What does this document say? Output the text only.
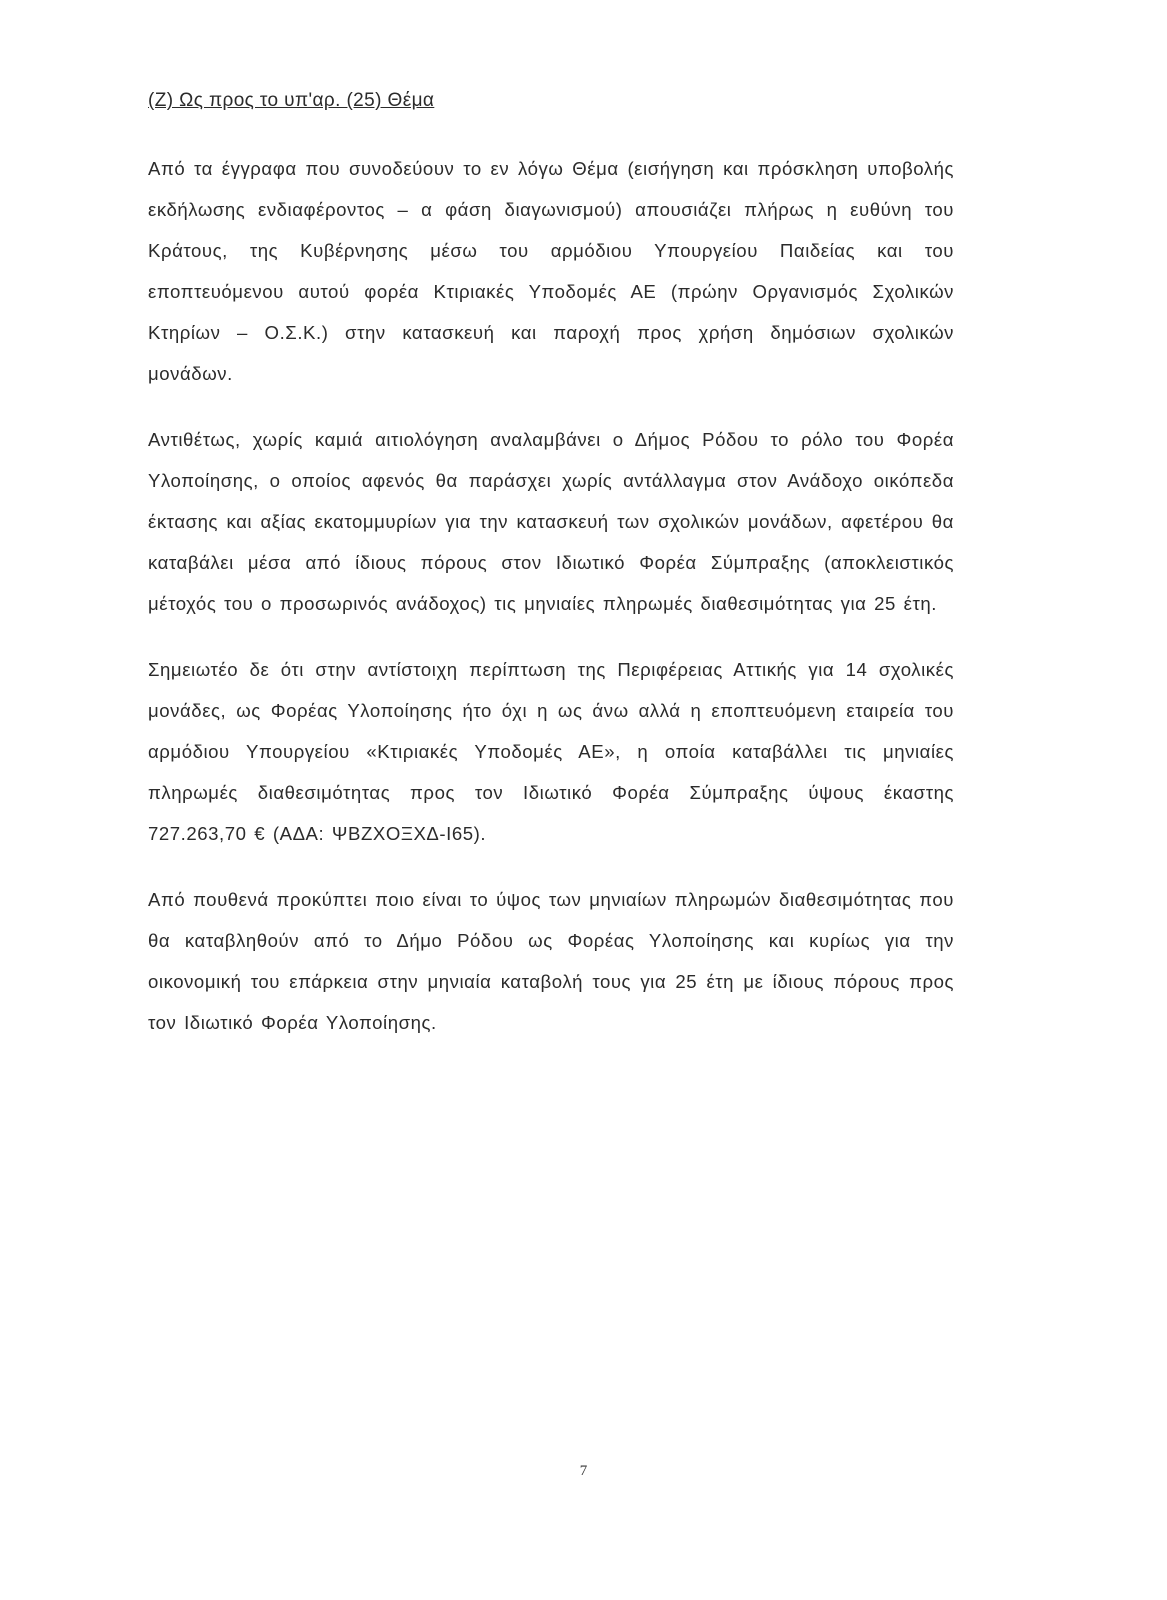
(Ζ) Ως προς το υπ'αρ. (25) Θέμα

Από τα έγγραφα που συνοδεύουν το εν λόγω Θέμα (εισήγηση και πρόσκληση υποβολής εκδήλωσης ενδιαφέροντος – α φάση διαγωνισμού) απουσιάζει πλήρως η ευθύνη του Κράτους, της Κυβέρνησης μέσω του αρμόδιου Υπουργείου Παιδείας και του εποπτευόμενου αυτού φορέα Κτιριακές Υποδομές ΑΕ (πρώην Οργανισμός Σχολικών Κτηρίων – Ο.Σ.Κ.) στην κατασκευή και παροχή προς χρήση δημόσιων σχολικών μονάδων.

Αντιθέτως, χωρίς καμιά αιτιολόγηση αναλαμβάνει ο Δήμος Ρόδου το ρόλο του Φορέα Υλοποίησης, ο οποίος αφενός θα παράσχει χωρίς αντάλλαγμα στον Ανάδοχο οικόπεδα έκτασης και αξίας εκατομμυρίων για την κατασκευή των σχολικών μονάδων, αφετέρου θα καταβάλει μέσα από ίδιους πόρους στον Ιδιωτικό Φορέα Σύμπραξης (αποκλειστικός μέτοχός του ο προσωρινός ανάδοχος) τις μηνιαίες πληρωμές διαθεσιμότητας για 25 έτη.

Σημειωτέο δε ότι στην αντίστοιχη περίπτωση της Περιφέρειας Αττικής για 14 σχολικές μονάδες, ως Φορέας Υλοποίησης ήτο όχι η ως άνω αλλά η εποπτευόμενη εταιρεία του αρμόδιου Υπουργείου «Κτιριακές Υποδομές ΑΕ», η οποία καταβάλλει τις μηνιαίες πληρωμές διαθεσιμότητας προς τον Ιδιωτικό Φορέα Σύμπραξης ύψους έκαστης 727.263,70 € (ΑΔΑ: ΨΒΖΧΟΞΧΔ-Ι65).

Από πουθενά προκύπτει ποιο είναι το ύψος των μηνιαίων πληρωμών διαθεσιμότητας που θα καταβληθούν από το Δήμο Ρόδου ως Φορέας Υλοποίησης και κυρίως για την οικονομική του επάρκεια στην μηνιαία καταβολή τους για 25 έτη με ίδιους πόρους προς τον Ιδιωτικό Φορέα Υλοποίησης.

7
